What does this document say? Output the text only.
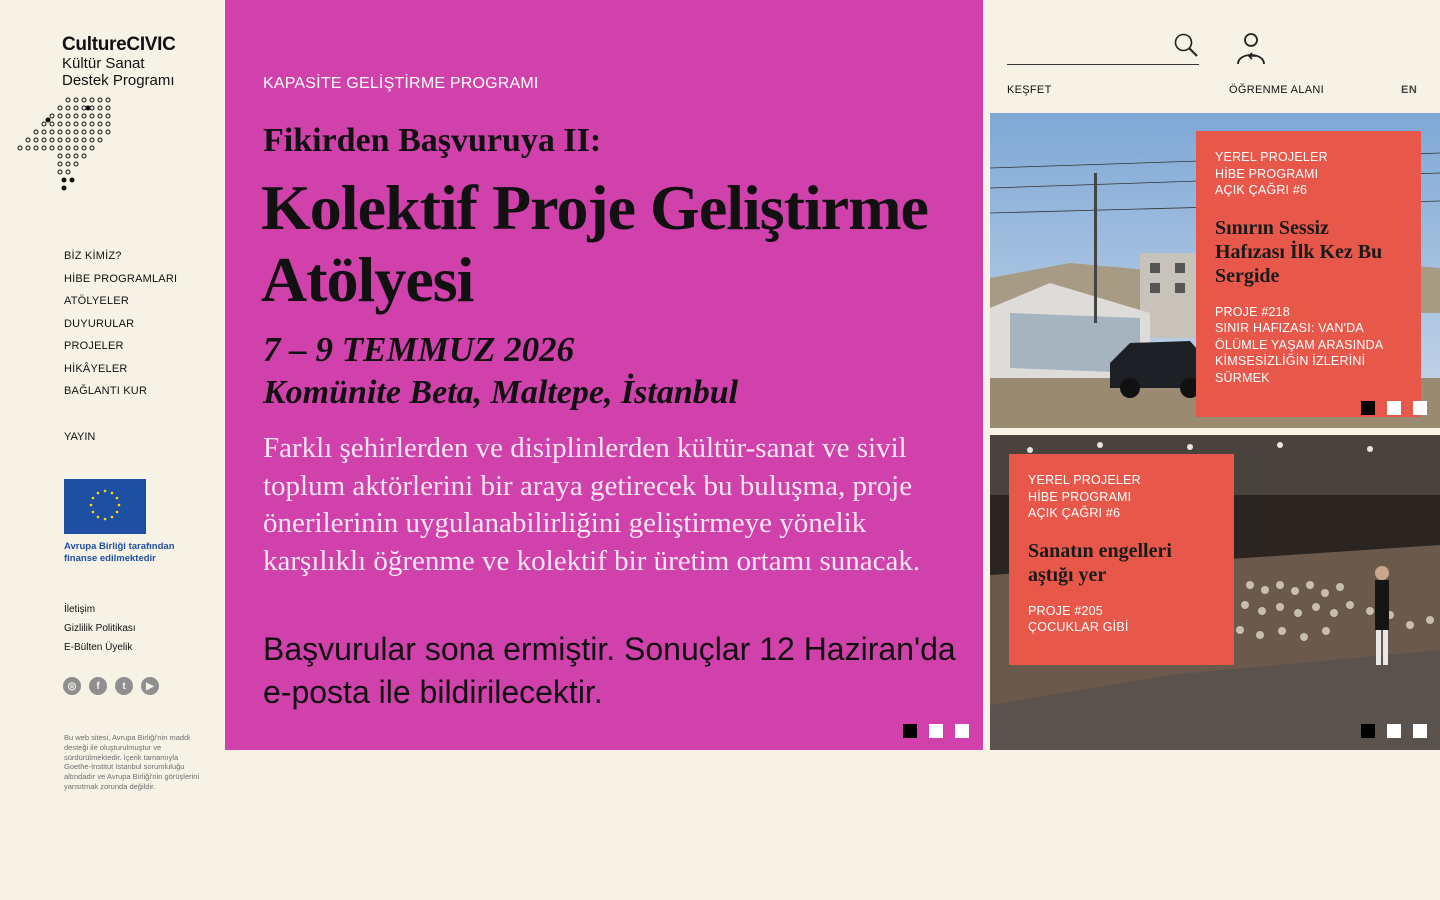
CultureCIVIC
Kültür Sanat
Destek Programı
BİZ KİMİZ?
HİBE PROGRAMLARI
ATÖLYELER
DUYURULAR
PROJELER
HİKÂYELER
BAĞLANTI KUR
YAYIN
Avrupa Birliği tarafından finanse edilmektedir
İletişim
Gizlilik Politikası
E-Bülten Üyelik
◎	f	t	▶
Bu web sitesi, Avrupa Birliği'nin maddi desteği ile oluşturulmuştur ve sürdürülmektedir. İçerik tamamıyla Goethe-Institut Istanbul sorumluluğu altındadır ve Avrupa Birliği'nin görüşlerini yansıtmak zorunda değildir.
KAPASİTE GELİŞTİRME PROGRAMI
Fikirden Başvuruya II:
Kolektif Proje Geliştirme Atölyesi
7 – 9 TEMMUZ 2026
Komünite Beta, Maltepe, İstanbul
Farklı şehirlerden ve disiplinlerden kültür-sanat ve sivil toplum aktörlerini bir araya getirecek bu buluşma, proje önerilerinin uygulanabilirliğini geliştirmeye yönelik karşılıklı öğrenme ve kolektif bir üretim ortamı sunacak.
Başvurular sona ermiştir. Sonuçlar 12 Haziran'da e-posta ile bildirilecektir.
KEŞFET	ÖĞRENME ALANI	EN
YEREL PROJELER
HİBE PROGRAMI
AÇIK ÇAĞRI #6
Sınırın Sessiz Hafızası İlk Kez Bu Sergide
PROJE #218
SINIR HAFIZASI: VAN'DA ÖLÜMLE YAŞAM ARASINDA KİMSESİZLİĞİN İZLERİNİ SÜRMEK
YEREL PROJELER
HİBE PROGRAMI
AÇIK ÇAĞRI #6
Sanatın engelleri aştığı yer
PROJE #205
ÇOCUKLAR GİBİ
